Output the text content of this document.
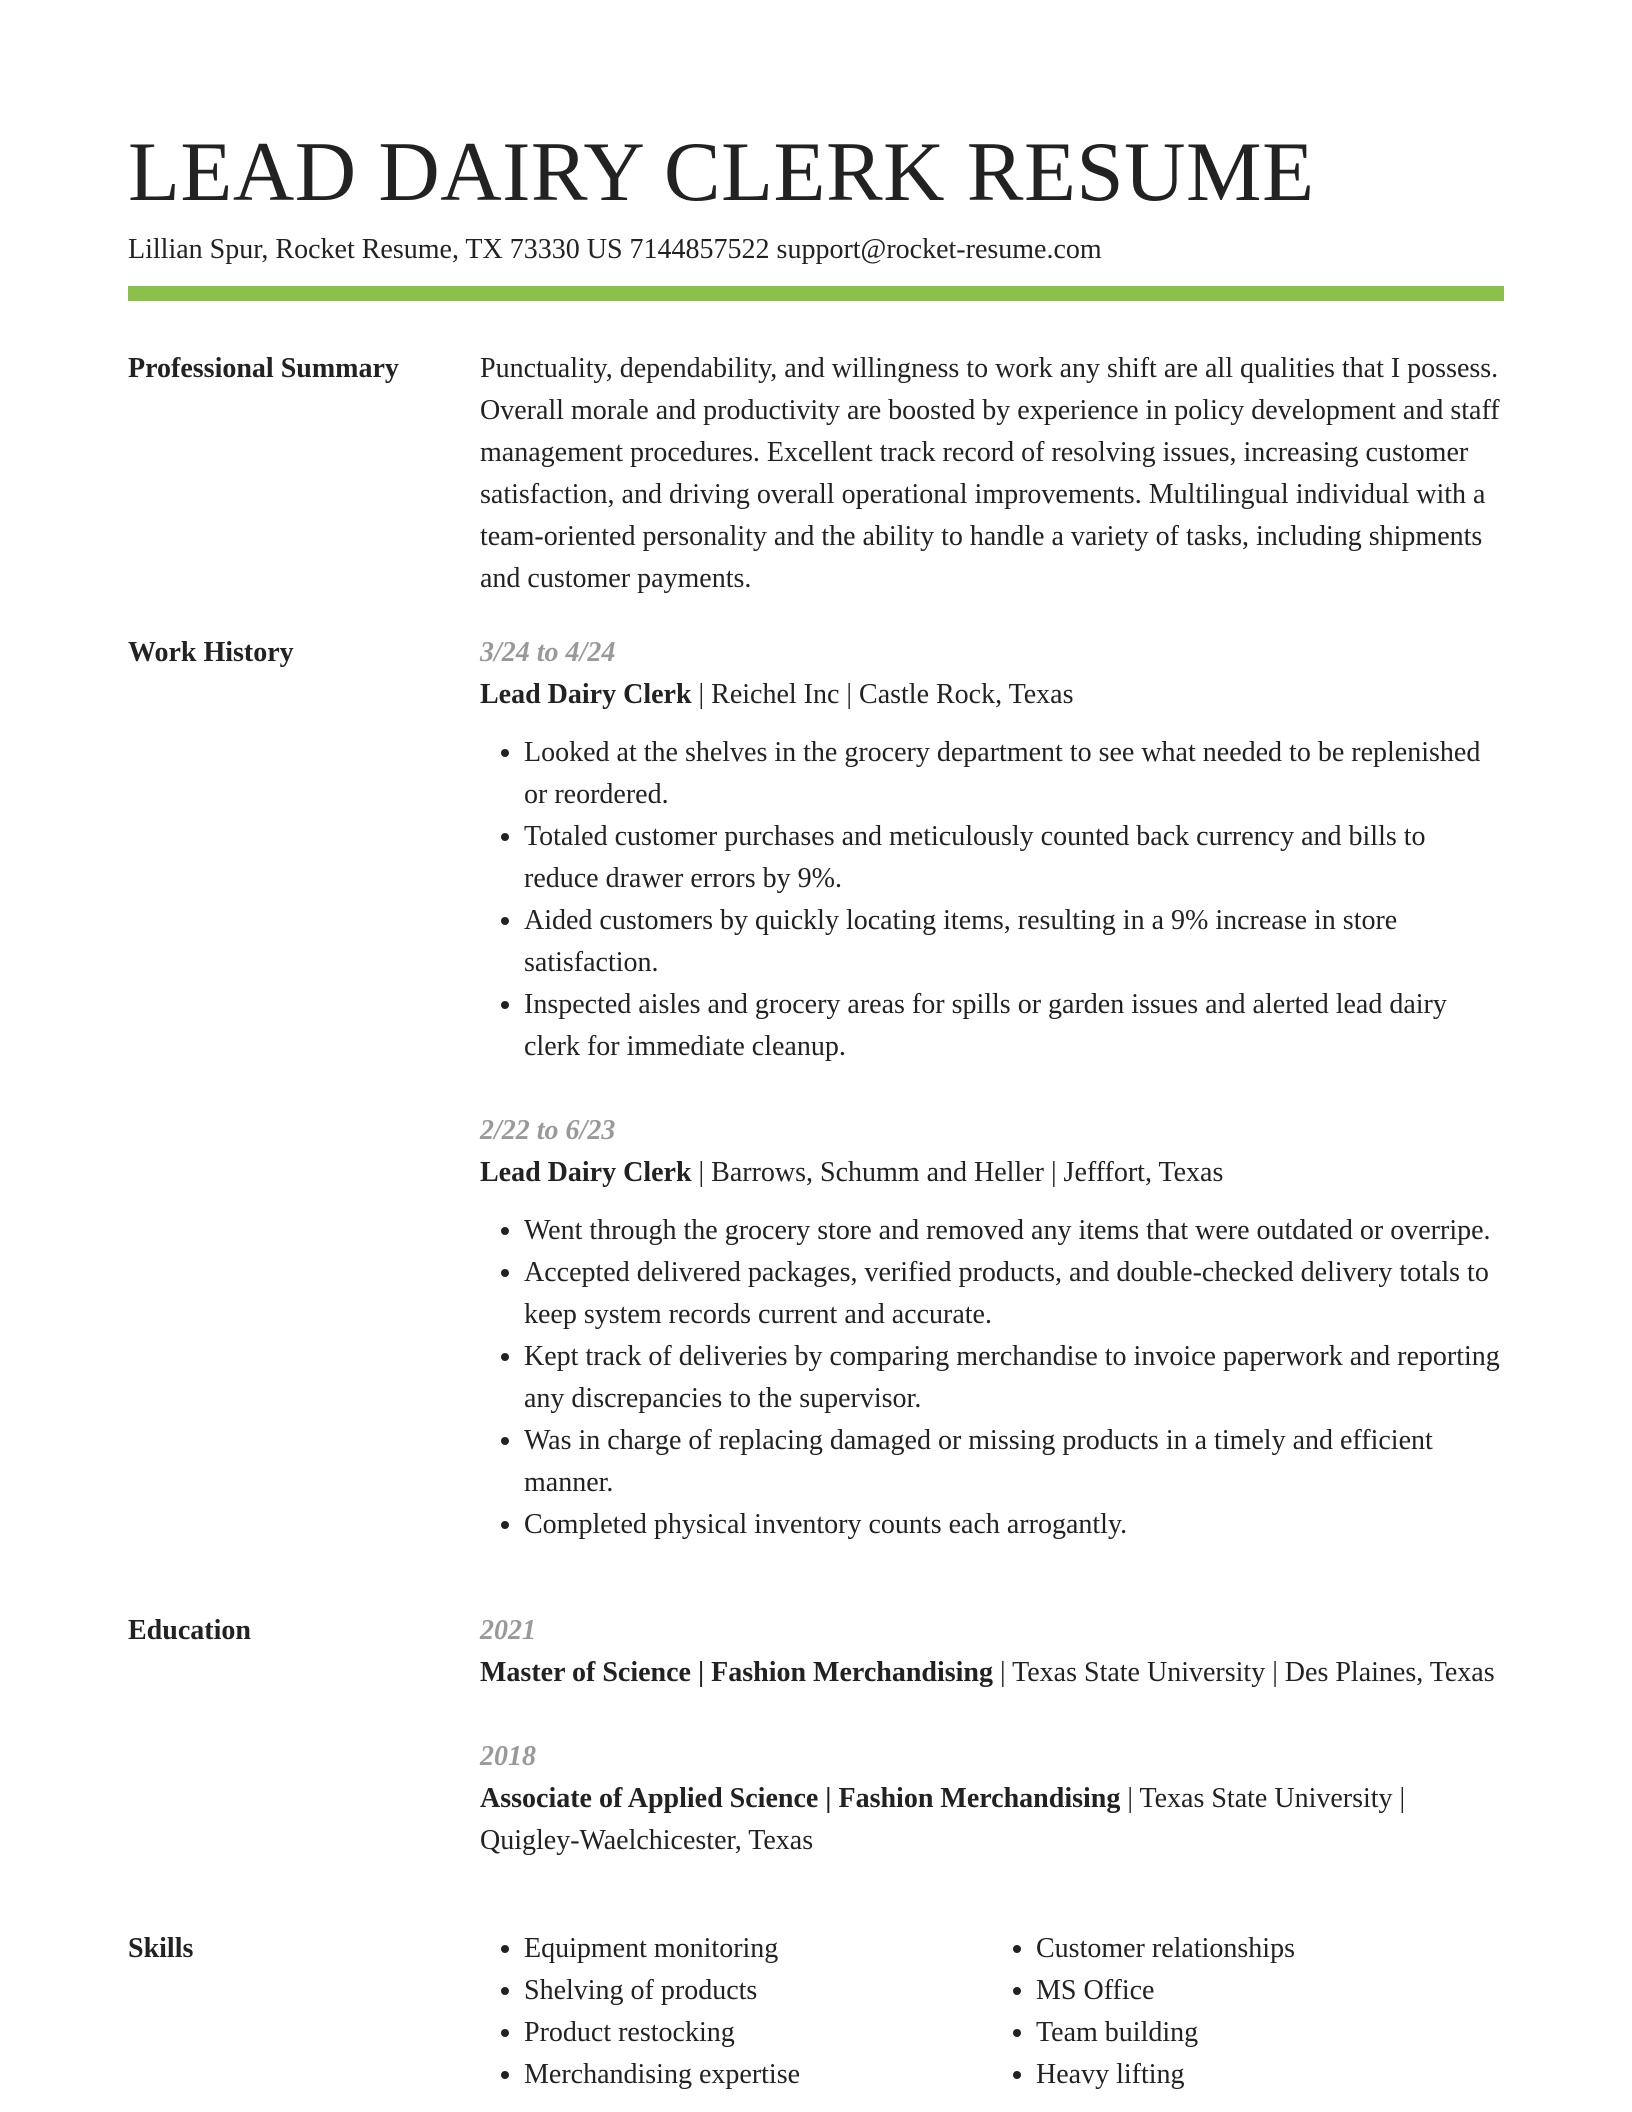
LEAD DAIRY CLERK RESUME
Lillian Spur, Rocket Resume, TX 73330 US 7144857522 support@rocket-resume.com
Professional Summary	Punctuality, dependability, and willingness to work any shift are all qualities that I possess. Overall morale and productivity are boosted by experience in policy development and staff management procedures. Excellent track record of resolving issues, increasing customer satisfaction, and driving overall operational improvements. Multilingual individual with a team-oriented personality and the ability to handle a variety of tasks, including shipments and customer payments.

Work History	3/24 to 4/24
Lead Dairy Clerk | Reichel Inc | Castle Rock, Texas
• Looked at the shelves in the grocery department to see what needed to be replenished or reordered.
• Totaled customer purchases and meticulously counted back currency and bills to reduce drawer errors by 9%.
• Aided customers by quickly locating items, resulting in a 9% increase in store satisfaction.
• Inspected aisles and grocery areas for spills or garden issues and alerted lead dairy clerk for immediate cleanup.
2/22 to 6/23
Lead Dairy Clerk | Barrows, Schumm and Heller | Jefffort, Texas
• Went through the grocery store and removed any items that were outdated or overripe.
• Accepted delivered packages, verified products, and double-checked delivery totals to keep system records current and accurate.
• Kept track of deliveries by comparing merchandise to invoice paperwork and reporting any discrepancies to the supervisor.
• Was in charge of replacing damaged or missing products in a timely and efficient manner.
• Completed physical inventory counts each arrogantly.
Education	2021
Master of Science | Fashion Merchandising | Texas State University | Des Plaines, Texas
2018
Associate of Applied Science | Fashion Merchandising | Texas State University | Quigley-Waelchicester, Texas
Skills
•	Equipment monitoring
• Shelving of products
• Product restocking
• Merchandising expertise
• Customer relationships
• MS Office
• Team building
• Heavy lifting
